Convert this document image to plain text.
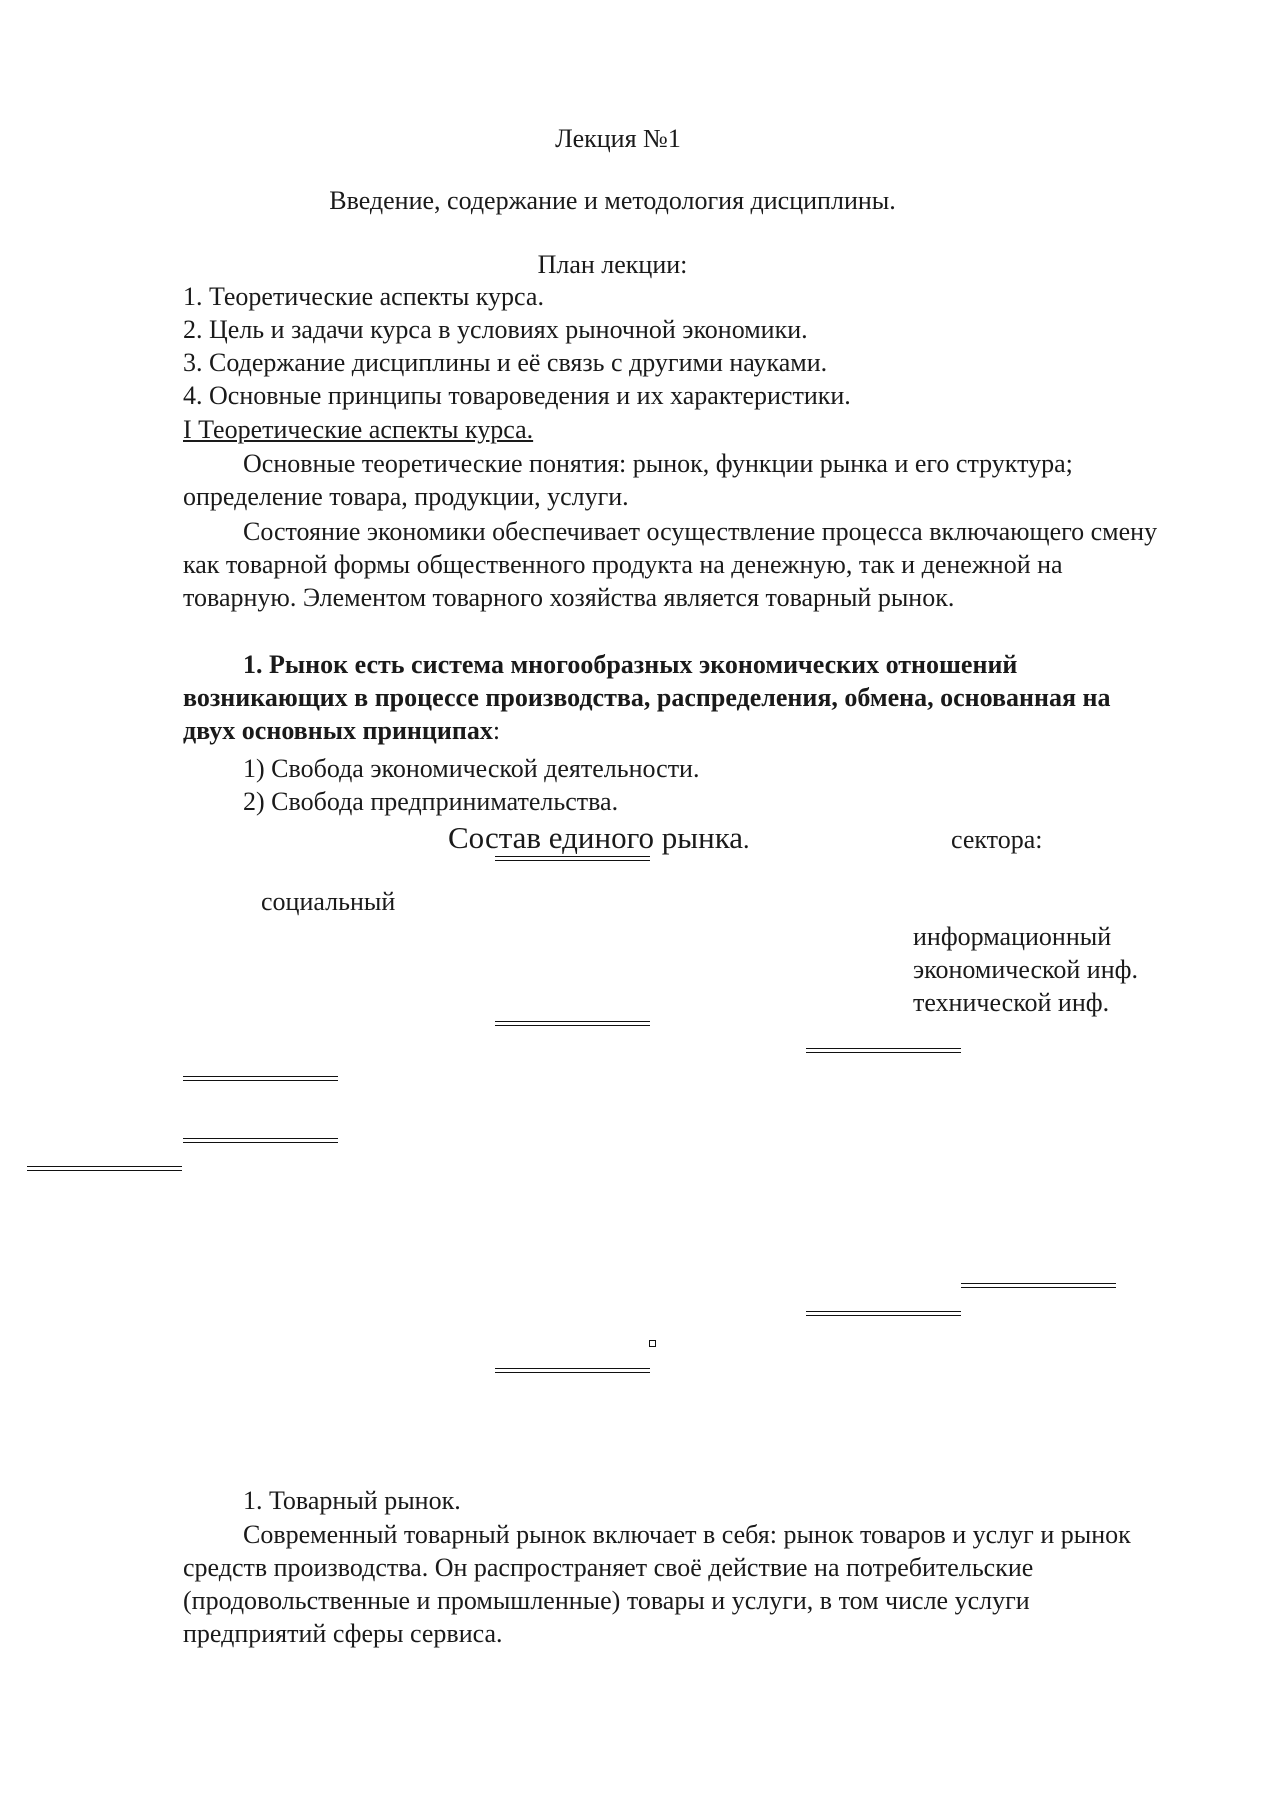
Лекция №1

Введение, содержание и методология дисциплины.

План лекции:

1. Теоретические аспекты курса.
2. Цель и задачи курса в условиях рыночной экономики.
3. Содержание дисциплины и её связь с другими науками.
4. Основные принципы товароведения и их характеристики.

I Теоретические аспекты курса.

Основные теоретические понятия: рынок, функции рынка и его структура; определение товара, продукции, услуги.

Состояние экономики обеспечивает осуществление процесса включающего смену как товарной формы общественного продукта на денежную, так и денежной на товарную. Элементом товарного хозяйства является товарный рынок.

1. Рынок есть система многообразных экономических отношений возникающих в процессе производства, распределения, обмена, основанная на двух основных принципах:

1) Свобода экономической деятельности.
2) Свобода предпринимательства.

Состав единого рынка.	сектора:

социальный

информационный
экономической инф.
технической инф.

1. Товарный рынок.

Современный товарный рынок включает в себя: рынок товаров и услуг и рынок средств производства. Он распространяет своё действие на потребительские (продовольственные и промышленные) товары и услуги, в том числе услуги предприятий сферы сервиса.
